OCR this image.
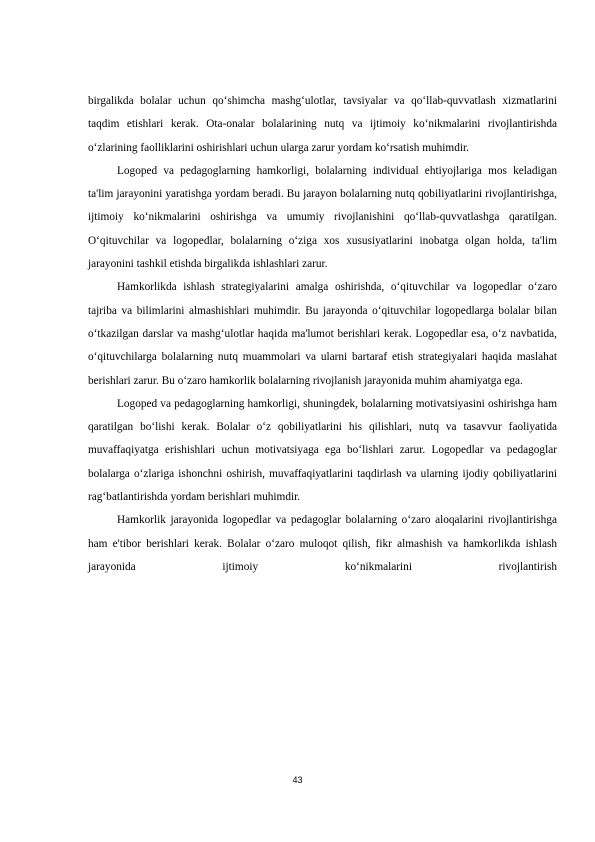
birgalikda bolalar uchun qo‘shimcha mashg‘ulotlar, tavsiyalar va qo‘llab-quvvatlash xizmatlarini taqdim etishlari kerak. Ota-onalar bolalarining nutq va ijtimoiy ko‘nikmalarini rivojlantirishda o‘zlarining faolliklarini oshirishlari uchun ularga zarur yordam ko‘rsatish muhimdir.

Logoped va pedagoglarning hamkorligi, bolalarning individual ehtiyojlariga mos keladigan ta'lim jarayonini yaratishga yordam beradi. Bu jarayon bolalarning nutq qobiliyatlarini rivojlantirishga, ijtimoiy ko‘nikmalarini oshirishga va umumiy rivojlanishini qo‘llab-quvvatlashga qaratilgan. O‘qituvchilar va logopedlar, bolalarning o‘ziga xos xususiyatlarini inobatga olgan holda, ta'lim jarayonini tashkil etishda birgalikda ishlashlari zarur.

Hamkorlikda ishlash strategiyalarini amalga oshirishda, o‘qituvchilar va logopedlar o‘zaro tajriba va bilimlarini almashishlari muhimdir. Bu jarayonda o‘qituvchilar logopedlarga bolalar bilan o‘tkazilgan darslar va mashg‘ulotlar haqida ma'lumot berishlari kerak. Logopedlar esa, o‘z navbatida, o‘qituvchilarga bolalarning nutq muammolari va ularni bartaraf etish strategiyalari haqida maslahat berishlari zarur. Bu o‘zaro hamkorlik bolalarning rivojlanish jarayonida muhim ahamiyatga ega.

Logoped va pedagoglarning hamkorligi, shuningdek, bolalarning motivatsiyasini oshirishga ham qaratilgan bo‘lishi kerak. Bolalar o‘z qobiliyatlarini his qilishlari, nutq va tasavvur faoliyatida muvaffaqiyatga erishishlari uchun motivatsiyaga ega bo‘lishlari zarur. Logopedlar va pedagoglar bolalarga o‘zlariga ishonchni oshirish, muvaffaqiyatlarini taqdirlash va ularning ijodiy qobiliyatlarini rag‘batlantirishda yordam berishlari muhimdir.

Hamkorlik jarayonida logopedlar va pedagoglar bolalarning o‘zaro aloqalarini rivojlantirishga ham e'tibor berishlari kerak. Bolalar o‘zaro muloqot qilish, fikr almashish va hamkorlikda ishlash jarayonida ijtimoiy ko‘nikmalarini rivojlantirish

43
